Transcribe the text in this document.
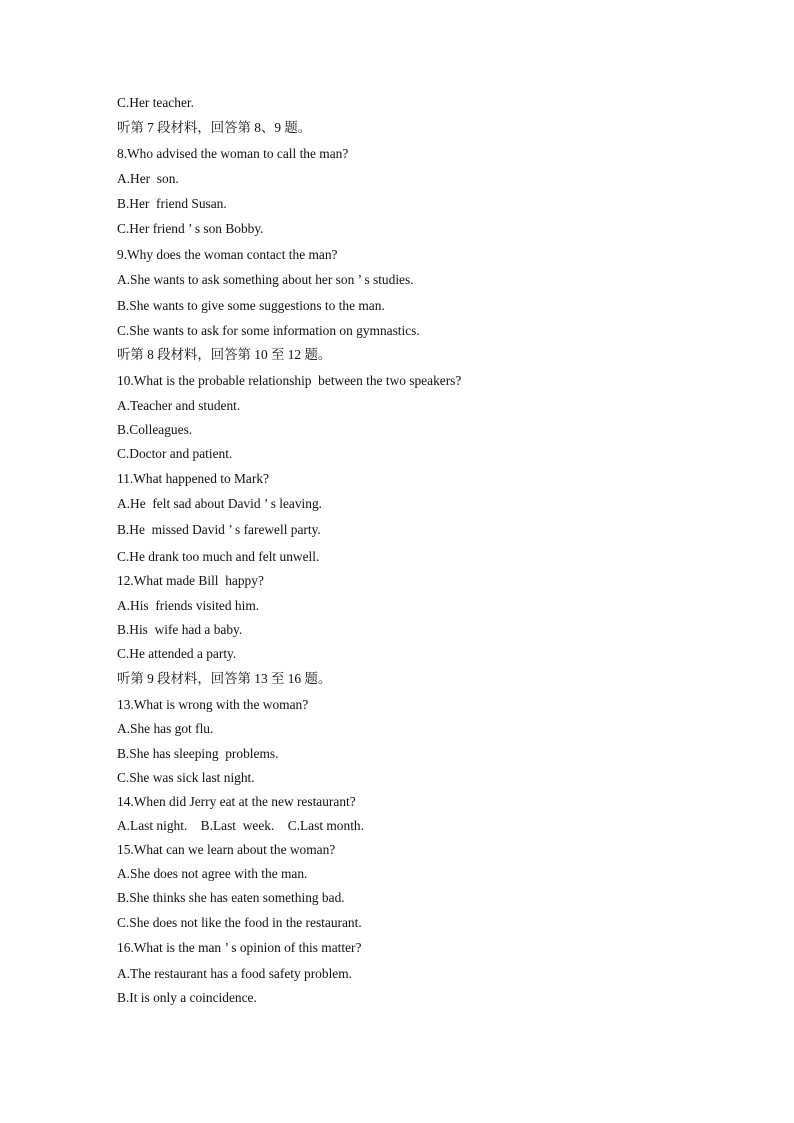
C.Her teacher.
听第 7 段材料，回答第 8、9 题。
8.Who advised the woman to call the man?
A.Her  son.
B.Her  friend Susan.
C.Her friend ’ s son Bobby.
9.Why does the woman contact the man?
A.She wants to ask something about her son ’ s studies.
B.She wants to give some suggestions to the man.
C.She wants to ask for some information on gymnastics.
听第 8 段材料，回答第 10 至 12 题。
10.What is the probable relationship  between the two speakers?
A.Teacher and student.
B.Colleagues.
C.Doctor and patient.
11.What happened to Mark?
A.He  felt sad about David ’ s leaving.
B.He  missed David ’ s farewell party.
C.He drank too much and felt unwell.
12.What made Bill  happy?
A.His  friends visited him.
B.His  wife had a baby.
C.He attended a party.
听第 9 段材料，回答第 13 至 16 题。
13.What is wrong with the woman?
A.She has got flu.
B.She has sleeping  problems.
C.She was sick last night.
14.When did Jerry eat at the new restaurant?
A.Last night.    B.Last  week.    C.Last month.
15.What can we learn about the woman?
A.She does not agree with the man.
B.She thinks she has eaten something bad.
C.She does not like the food in the restaurant.
16.What is the man ’ s opinion of this matter?
A.The restaurant has a food safety problem.
B.It is only a coincidence.
